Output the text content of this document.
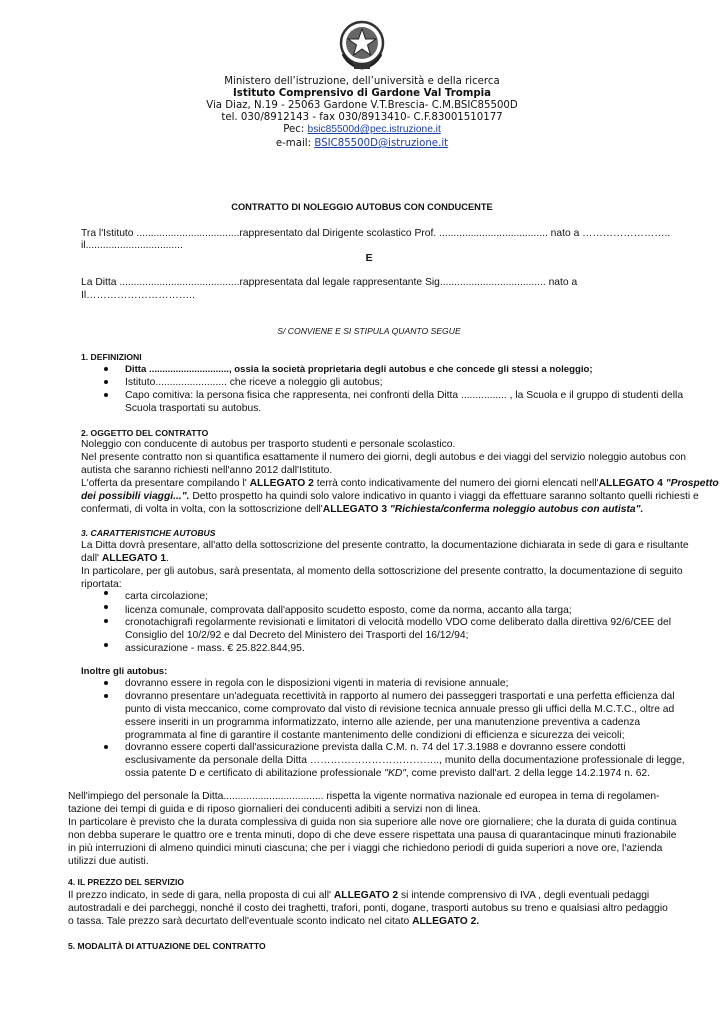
Ministero dell’istruzione, dell’università e della ricerca
Istituto Comprensivo di Gardone Val Trompia
Via Diaz, N.19 - 25063 Gardone V.T.Brescia- C.M.BSIC85500D
tel. 030/8912143 - fax 030/8913410- C.F.83001510177
Pec: bsic85500d@pec.istruzione.it
e-mail: BSIC85500D@istruzione.it
CONTRATTO DI NOLEGGIO AUTOBUS CON CONDUCENTE
Tra l'Istituto ....................................rappresentato dal Dirigente scolastico Prof. ...................................... nato a ……………………..
il..................................
E
La Ditta ..........................................rappresentata dal legale rappresentante Sig..................................... nato a
Il…………………………..
S/ CONVIENE E SI STIPULA QUANTO SEGUE
1. DEFINIZIONI
Ditta .............................., ossia la società proprietaria degli autobus e che concede gli stessi a noleggio;
Istituto......................... che riceve a noleggio gli autobus;
Capo comitiva: la persona fisica che rappresenta, nei confronti della Ditta ................ , la Scuola e il gruppo di studenti della
Scuola trasportati su autobus.
2. OGGETTO DEL CONTRATTO
Noleggio con conducente di autobus per trasporto studenti e personale scolastico.
Nel presente contratto non si quantifica esattamente il numero dei giorni, degli autobus e dei viaggi del servizio noleggio autobus con
autista che saranno richiesti nell'anno 2012 dall'Istituto.
L'offerta da presentare compilando l' ALLEGATO 2 terrà conto indicativamente del numero dei giorni elencati nell'ALLEGATO 4 "Prospetto
dei possibili viaggi...". Detto prospetto ha quindi solo valore indicativo in quanto i viaggi da effettuare saranno soltanto quelli richiesti e
confermati, di volta in volta, con la sottoscrizione dell'ALLEGATO 3 "Richiesta/conferma noleggio autobus con autista".
3. CARATTERISTICHE AUTOBUS
La Ditta dovrà presentare, all'atto della sottoscrizione del presente contratto, la documentazione dichiarata in sede di gara e risultante
dall' ALLEGATO 1.
In particolare, per gli autobus, sarà presentata, al momento della sottoscrizione del presente contratto, la documentazione di seguito
riportata:
carta circolazione;
licenza comunale, comprovata dall'apposito scudetto esposto, come da norma, accanto alla targa;
cronotachigrafi regolarmente revisionati e limitatori di velocità modello VDO come deliberato dalla direttiva 92/6/CEE del
Consiglio del 10/2/92 e dal Decreto del Ministero dei Trasporti del 16/12/94;
assicurazione - mass. € 25.822.844,95.
Inoltre gli autobus:
dovranno essere in regola con le disposizioni vigenti in materia di revisione annuale;
dovranno presentare un'adeguata recettività in rapporto al numero dei passeggeri trasportati e una perfetta efficienza dal
punto di vista meccanico, come comprovato dal visto di revisione tecnica annuale presso gli uffici della M.C.T.C., oltre ad
essere inseriti in un programma informatizzato, interno alle aziende, per una manutenzione preventiva a cadenza
programmata al fine di garantire il costante mantenimento delle condizioni di efficienza e sicurezza dei veicoli;
dovranno essere coperti dall'assicurazione prevista dalla C.M. n. 74 del 17.3.1988 e dovranno essere condotti
esclusivamente da personale della Ditta ……………………………….., munito della documentazione professionale di legge,
ossia patente D e certificato di abilitazione professionale "KD", come previsto dall'art. 2 della legge 14.2.1974 n. 62.
Nell'impiego del personale la Ditta................................... rispetta la vigente normativa nazionale ed europea in tema di regolamen-
tazione dei tempi di guida e di riposo giornalieri dei conducenti adibiti a servizi non di linea.
In particolare è previsto che la durata complessiva di guida non sia superiore alle nove ore giornaliere; che la durata di guida continua
non debba superare le quattro ore e trenta minuti, dopo di che deve essere rispettata una pausa di quarantacinque minuti frazionabile
in più interruzioni di almeno quindici minuti ciascuna; che per i viaggi che richiedono periodi di guida superiori a nove ore, l'azienda
utilizzi due autisti.
4. IL PREZZO DEL SERVIZIO
Il prezzo indicato, in sede di gara, nella proposta di cui all' ALLEGATO 2 si intende comprensivo di IVA , degli eventuali pedaggi
autostradali e dei parcheggi, nonché il costo dei traghetti, trafori, ponti, dogane, trasporti autobus su treno e qualsiasi altro pedaggio
o tassa. Tale prezzo sarà decurtato dell'eventuale sconto indicato nel citato ALLEGATO 2.
5. MODALITÀ DI ATTUAZIONE DEL CONTRATTO
